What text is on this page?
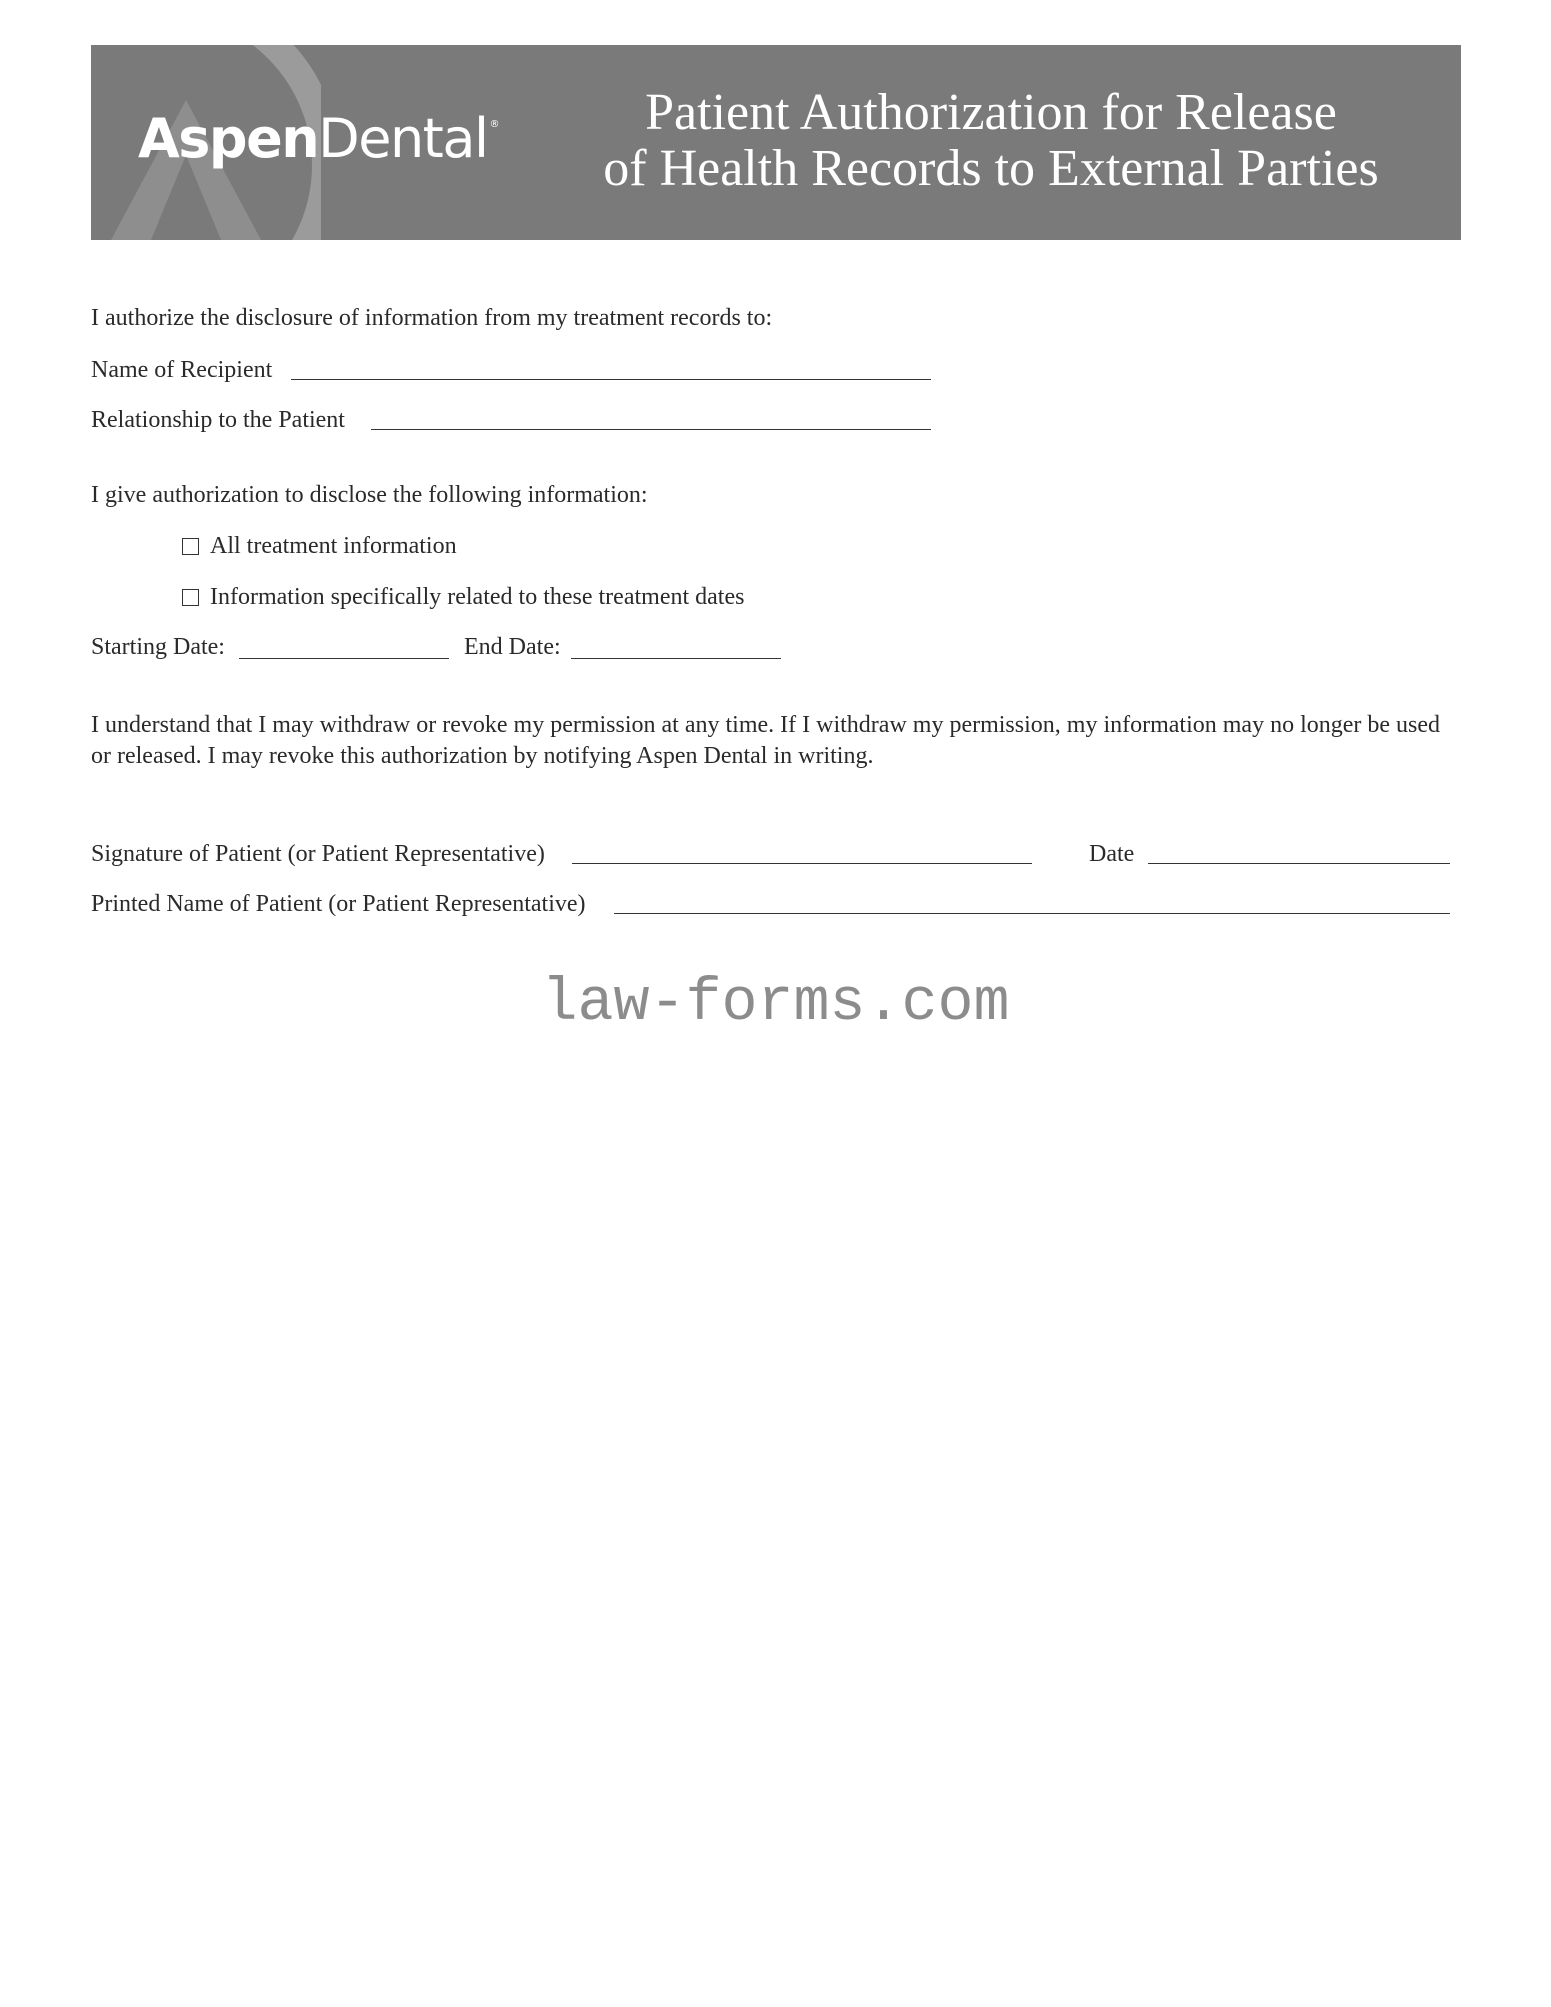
AspenDental ®	Patient Authorization for Release
of Health Records to External Parties
I authorize the disclosure of information from my treatment records to:
Name of Recipient
Relationship to the Patient
I give authorization to disclose the following information:
All treatment information
Information specifically related to these treatment dates
Starting Date:	End Date:
I understand that I may withdraw or revoke my permission at any time. If I withdraw my permission, my information may no longer be used or released. I may revoke this authorization by notifying Aspen Dental in writing.
Signature of Patient (or Patient Representative)	Date
Printed Name of Patient (or Patient Representative)
law-forms.com
